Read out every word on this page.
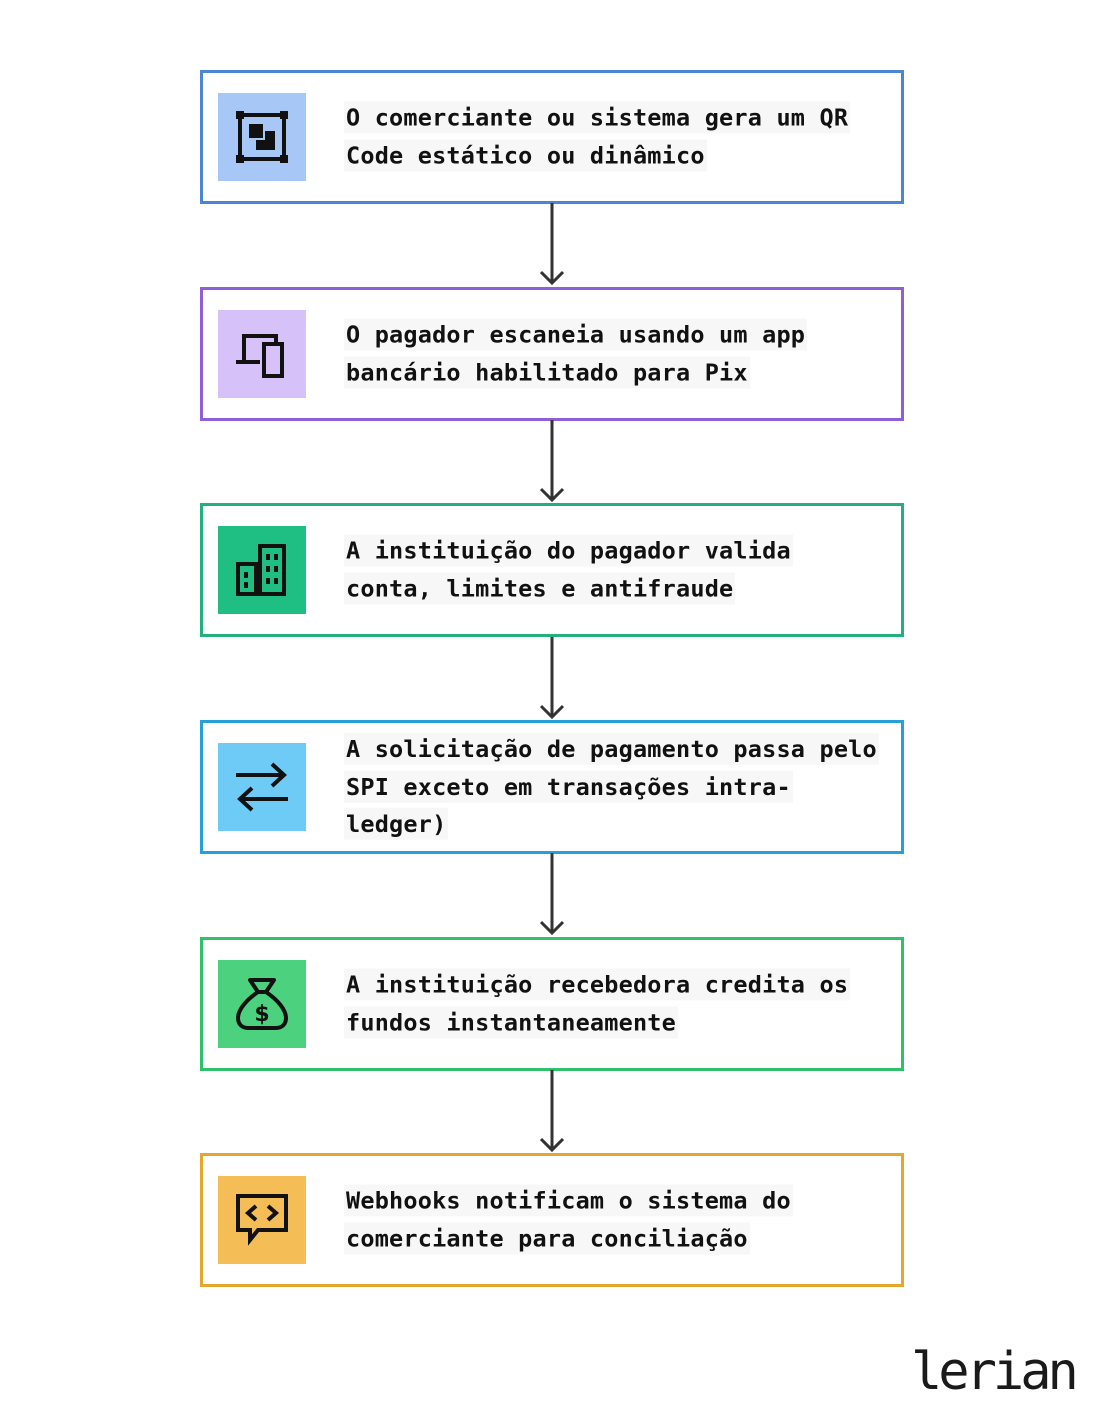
O comerciante ou sistema gera um QR Code estático ou dinâmico

O pagador escaneia usando um app bancário habilitado para Pix

A instituição do pagador valida conta, limites e antifraude

A solicitação de pagamento passa pelo SPI exceto em transações intra-ledger)

$

A instituição recebedora credita os fundos instantaneamente

Webhooks notificam o sistema do comerciante para conciliação

lerian
